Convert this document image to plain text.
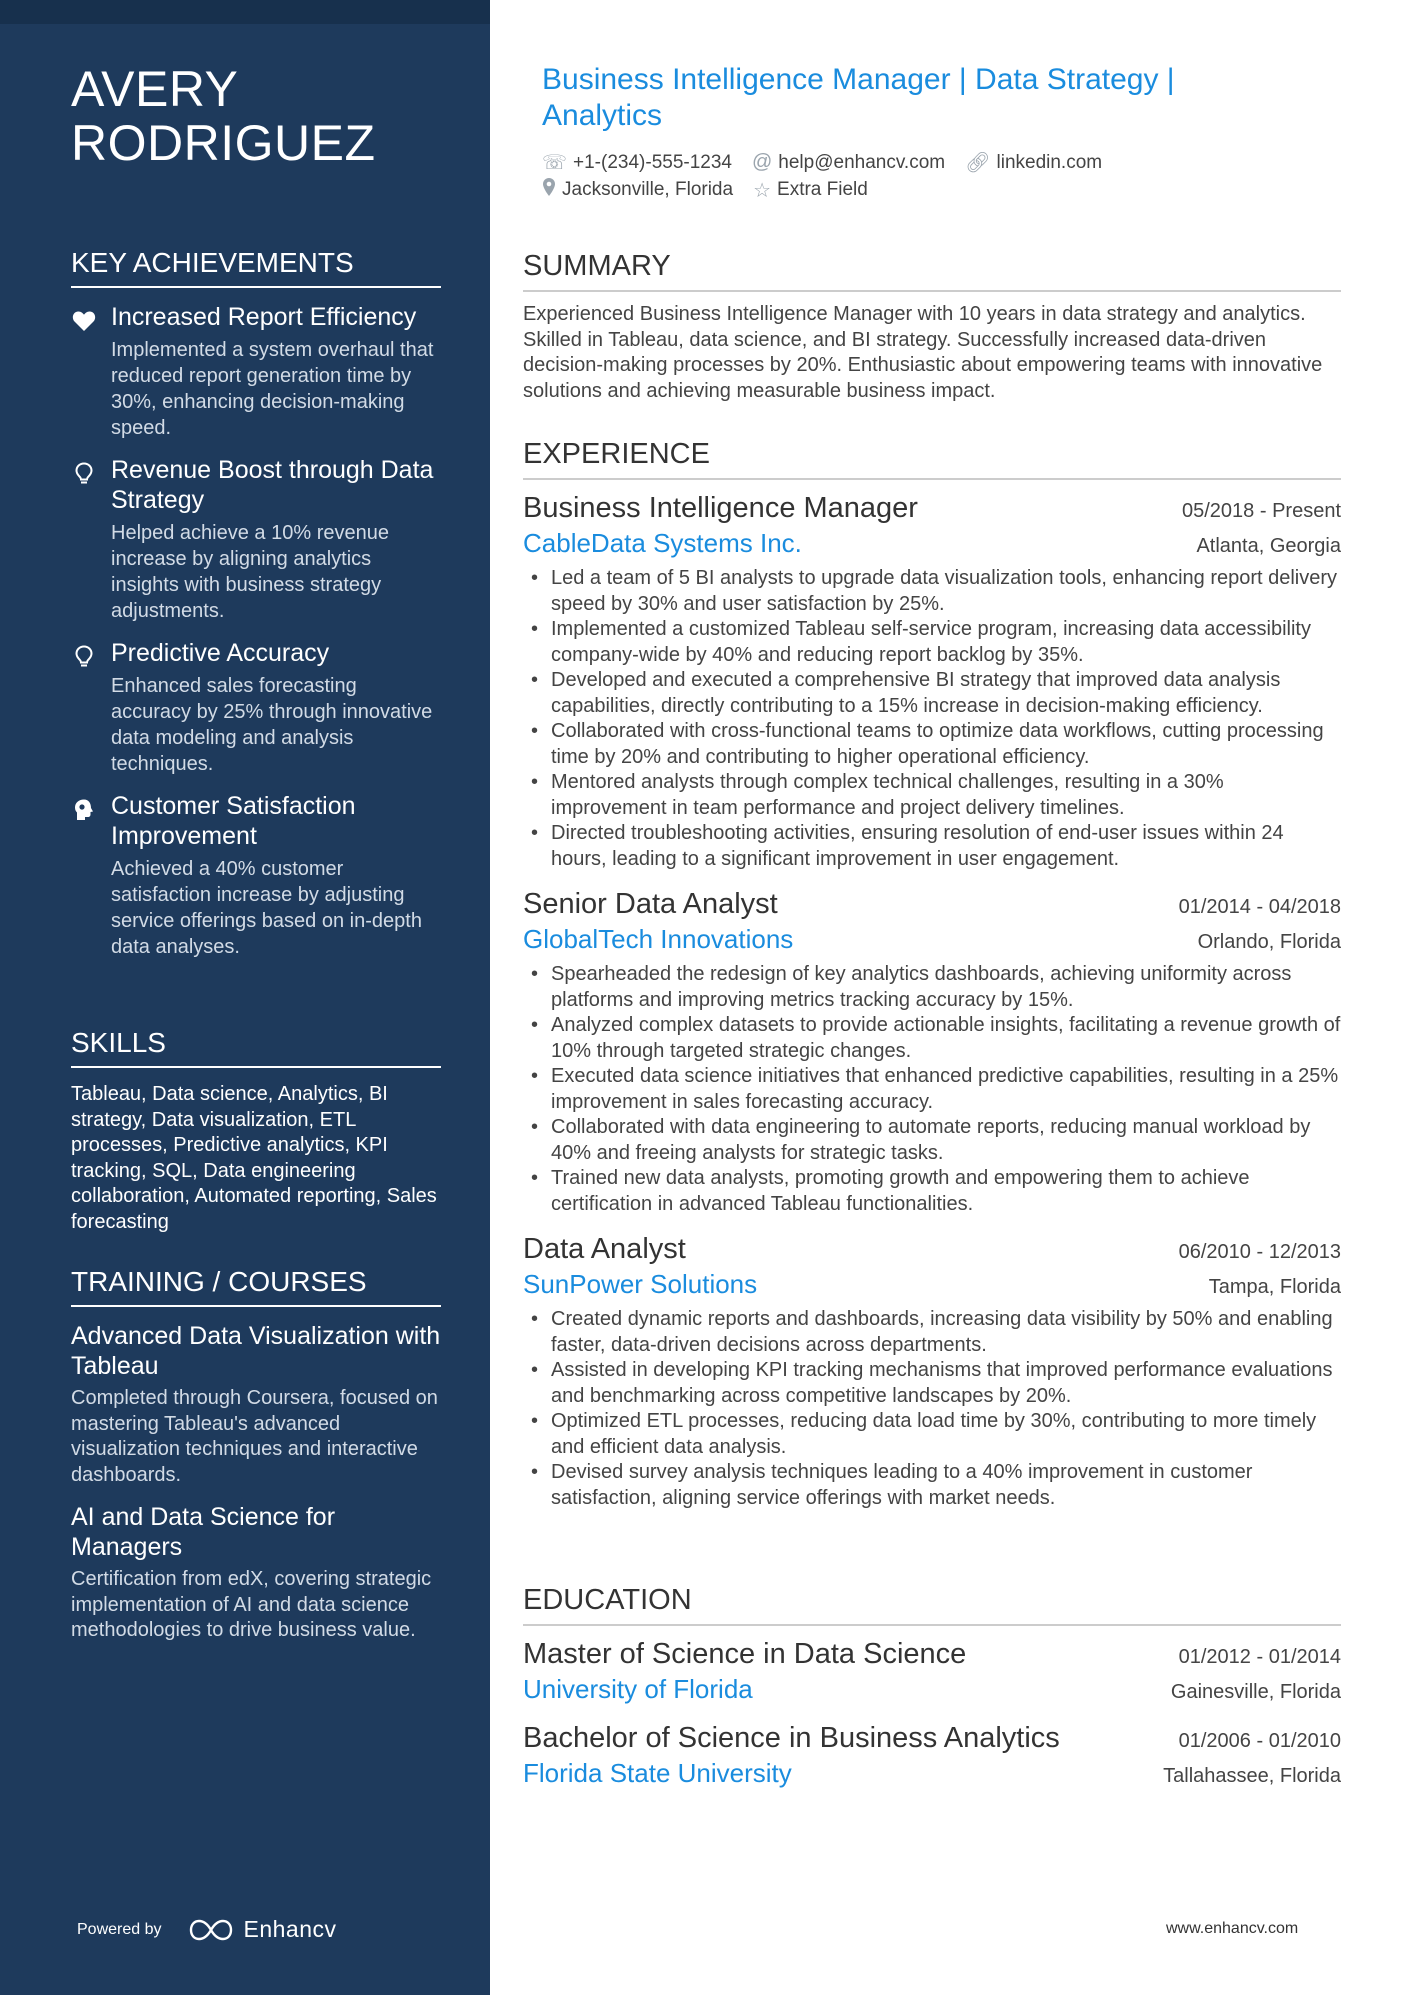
AVERY RODRIGUEZ
KEY ACHIEVEMENTS
Increased Report Efficiency
Implemented a system overhaul that reduced report generation time by 30%, enhancing decision-making speed.
Revenue Boost through Data Strategy
Helped achieve a 10% revenue increase by aligning analytics insights with business strategy adjustments.
Predictive Accuracy
Enhanced sales forecasting accuracy by 25% through innovative data modeling and analysis techniques.
Customer Satisfaction Improvement
Achieved a 40% customer satisfaction increase by adjusting service offerings based on in-depth data analyses.
SKILLS
Tableau, Data science, Analytics, BI strategy, Data visualization, ETL processes, Predictive analytics, KPI tracking, SQL, Data engineering collaboration, Automated reporting, Sales forecasting
TRAINING / COURSES
Advanced Data Visualization with Tableau
Completed through Coursera, focused on mastering Tableau's advanced visualization techniques and interactive dashboards.
AI and Data Science for Managers
Certification from edX, covering strategic implementation of AI and data science methodologies to drive business value.
Powered by	Enhancv
Business Intelligence Manager | Data Strategy | Analytics
☏ +1-(234)-555-1234 @ help@enhancv.com 🔗︎ linkedin.com
Jacksonville, Florida ☆ Extra Field
SUMMARY

Experienced Business Intelligence Manager with 10 years in data strategy and analytics. Skilled in Tableau, data science, and BI strategy. Successfully increased data-driven decision-making processes by 20%. Enthusiastic about empowering teams with innovative solutions and achieving measurable business impact.

EXPERIENCE
Business Intelligence Manager	05/2018 - Present
CableData Systems Inc.	Atlanta, Georgia
• Led a team of 5 BI analysts to upgrade data visualization tools, enhancing report delivery speed by 30% and user satisfaction by 25%.
• Implemented a customized Tableau self-service program, increasing data accessibility company-wide by 40% and reducing report backlog by 35%.
• Developed and executed a comprehensive BI strategy that improved data analysis capabilities, directly contributing to a 15% increase in decision-making efficiency.
• Collaborated with cross-functional teams to optimize data workflows, cutting processing time by 20% and contributing to higher operational efficiency.
• Mentored analysts through complex technical challenges, resulting in a 30% improvement in team performance and project delivery timelines.
• Directed troubleshooting activities, ensuring resolution of end-user issues within 24 hours, leading to a significant improvement in user engagement.
Senior Data Analyst	01/2014 - 04/2018
GlobalTech Innovations	Orlando, Florida
• Spearheaded the redesign of key analytics dashboards, achieving uniformity across platforms and improving metrics tracking accuracy by 15%.
• Analyzed complex datasets to provide actionable insights, facilitating a revenue growth of 10% through targeted strategic changes.
• Executed data science initiatives that enhanced predictive capabilities, resulting in a 25% improvement in sales forecasting accuracy.
• Collaborated with data engineering to automate reports, reducing manual workload by 40% and freeing analysts for strategic tasks.
• Trained new data analysts, promoting growth and empowering them to achieve certification in advanced Tableau functionalities.
Data Analyst	06/2010 - 12/2013
SunPower Solutions	Tampa, Florida
• Created dynamic reports and dashboards, increasing data visibility by 50% and enabling faster, data-driven decisions across departments.
• Assisted in developing KPI tracking mechanisms that improved performance evaluations and benchmarking across competitive landscapes by 20%.
• Optimized ETL processes, reducing data load time by 30%, contributing to more timely and efficient data analysis.
• Devised survey analysis techniques leading to a 40% improvement in customer satisfaction, aligning service offerings with market needs.
EDUCATION
Master of Science in Data Science	01/2012 - 01/2014
University of Florida	Gainesville, Florida
Bachelor of Science in Business Analytics	01/2006 - 01/2010
Florida State University	Tallahassee, Florida
www.enhancv.com
